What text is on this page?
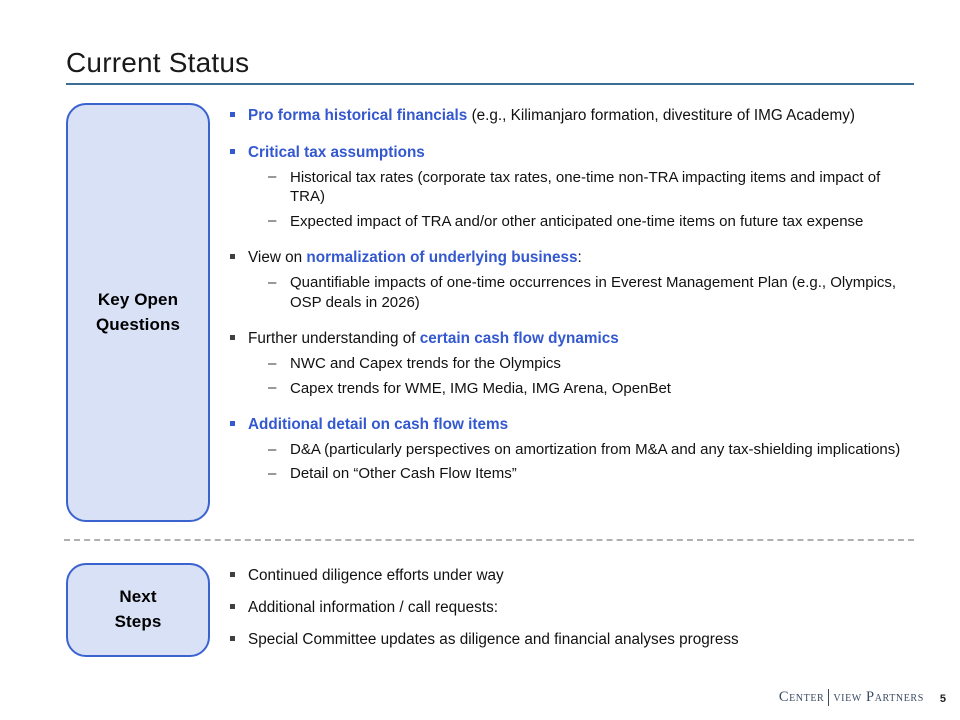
Current Status
Key Open
Questions
Pro forma historical financials (e.g., Kilimanjaro formation, divestiture of IMG Academy)
Critical tax assumptions
– Historical tax rates (corporate tax rates, one-time non-TRA impacting items and impact of TRA)
– Expected impact of TRA and/or other anticipated one-time items on future tax expense
View on normalization of underlying business:
– Quantifiable impacts of one-time occurrences in Everest Management Plan (e.g., Olympics, OSP deals in 2026)
Further understanding of certain cash flow dynamics
– NWC and Capex trends for the Olympics
– Capex trends for WME, IMG Media, IMG Arena, OpenBet
Additional detail on cash flow items
– D&A (particularly perspectives on amortization from M&A and any tax-shielding implications)
– Detail on “Other Cash Flow Items”
Next
Steps
Continued diligence efforts under way
Additional information / call requests:
Special Committee updates as diligence and financial analyses progress
Center view Partners 5
